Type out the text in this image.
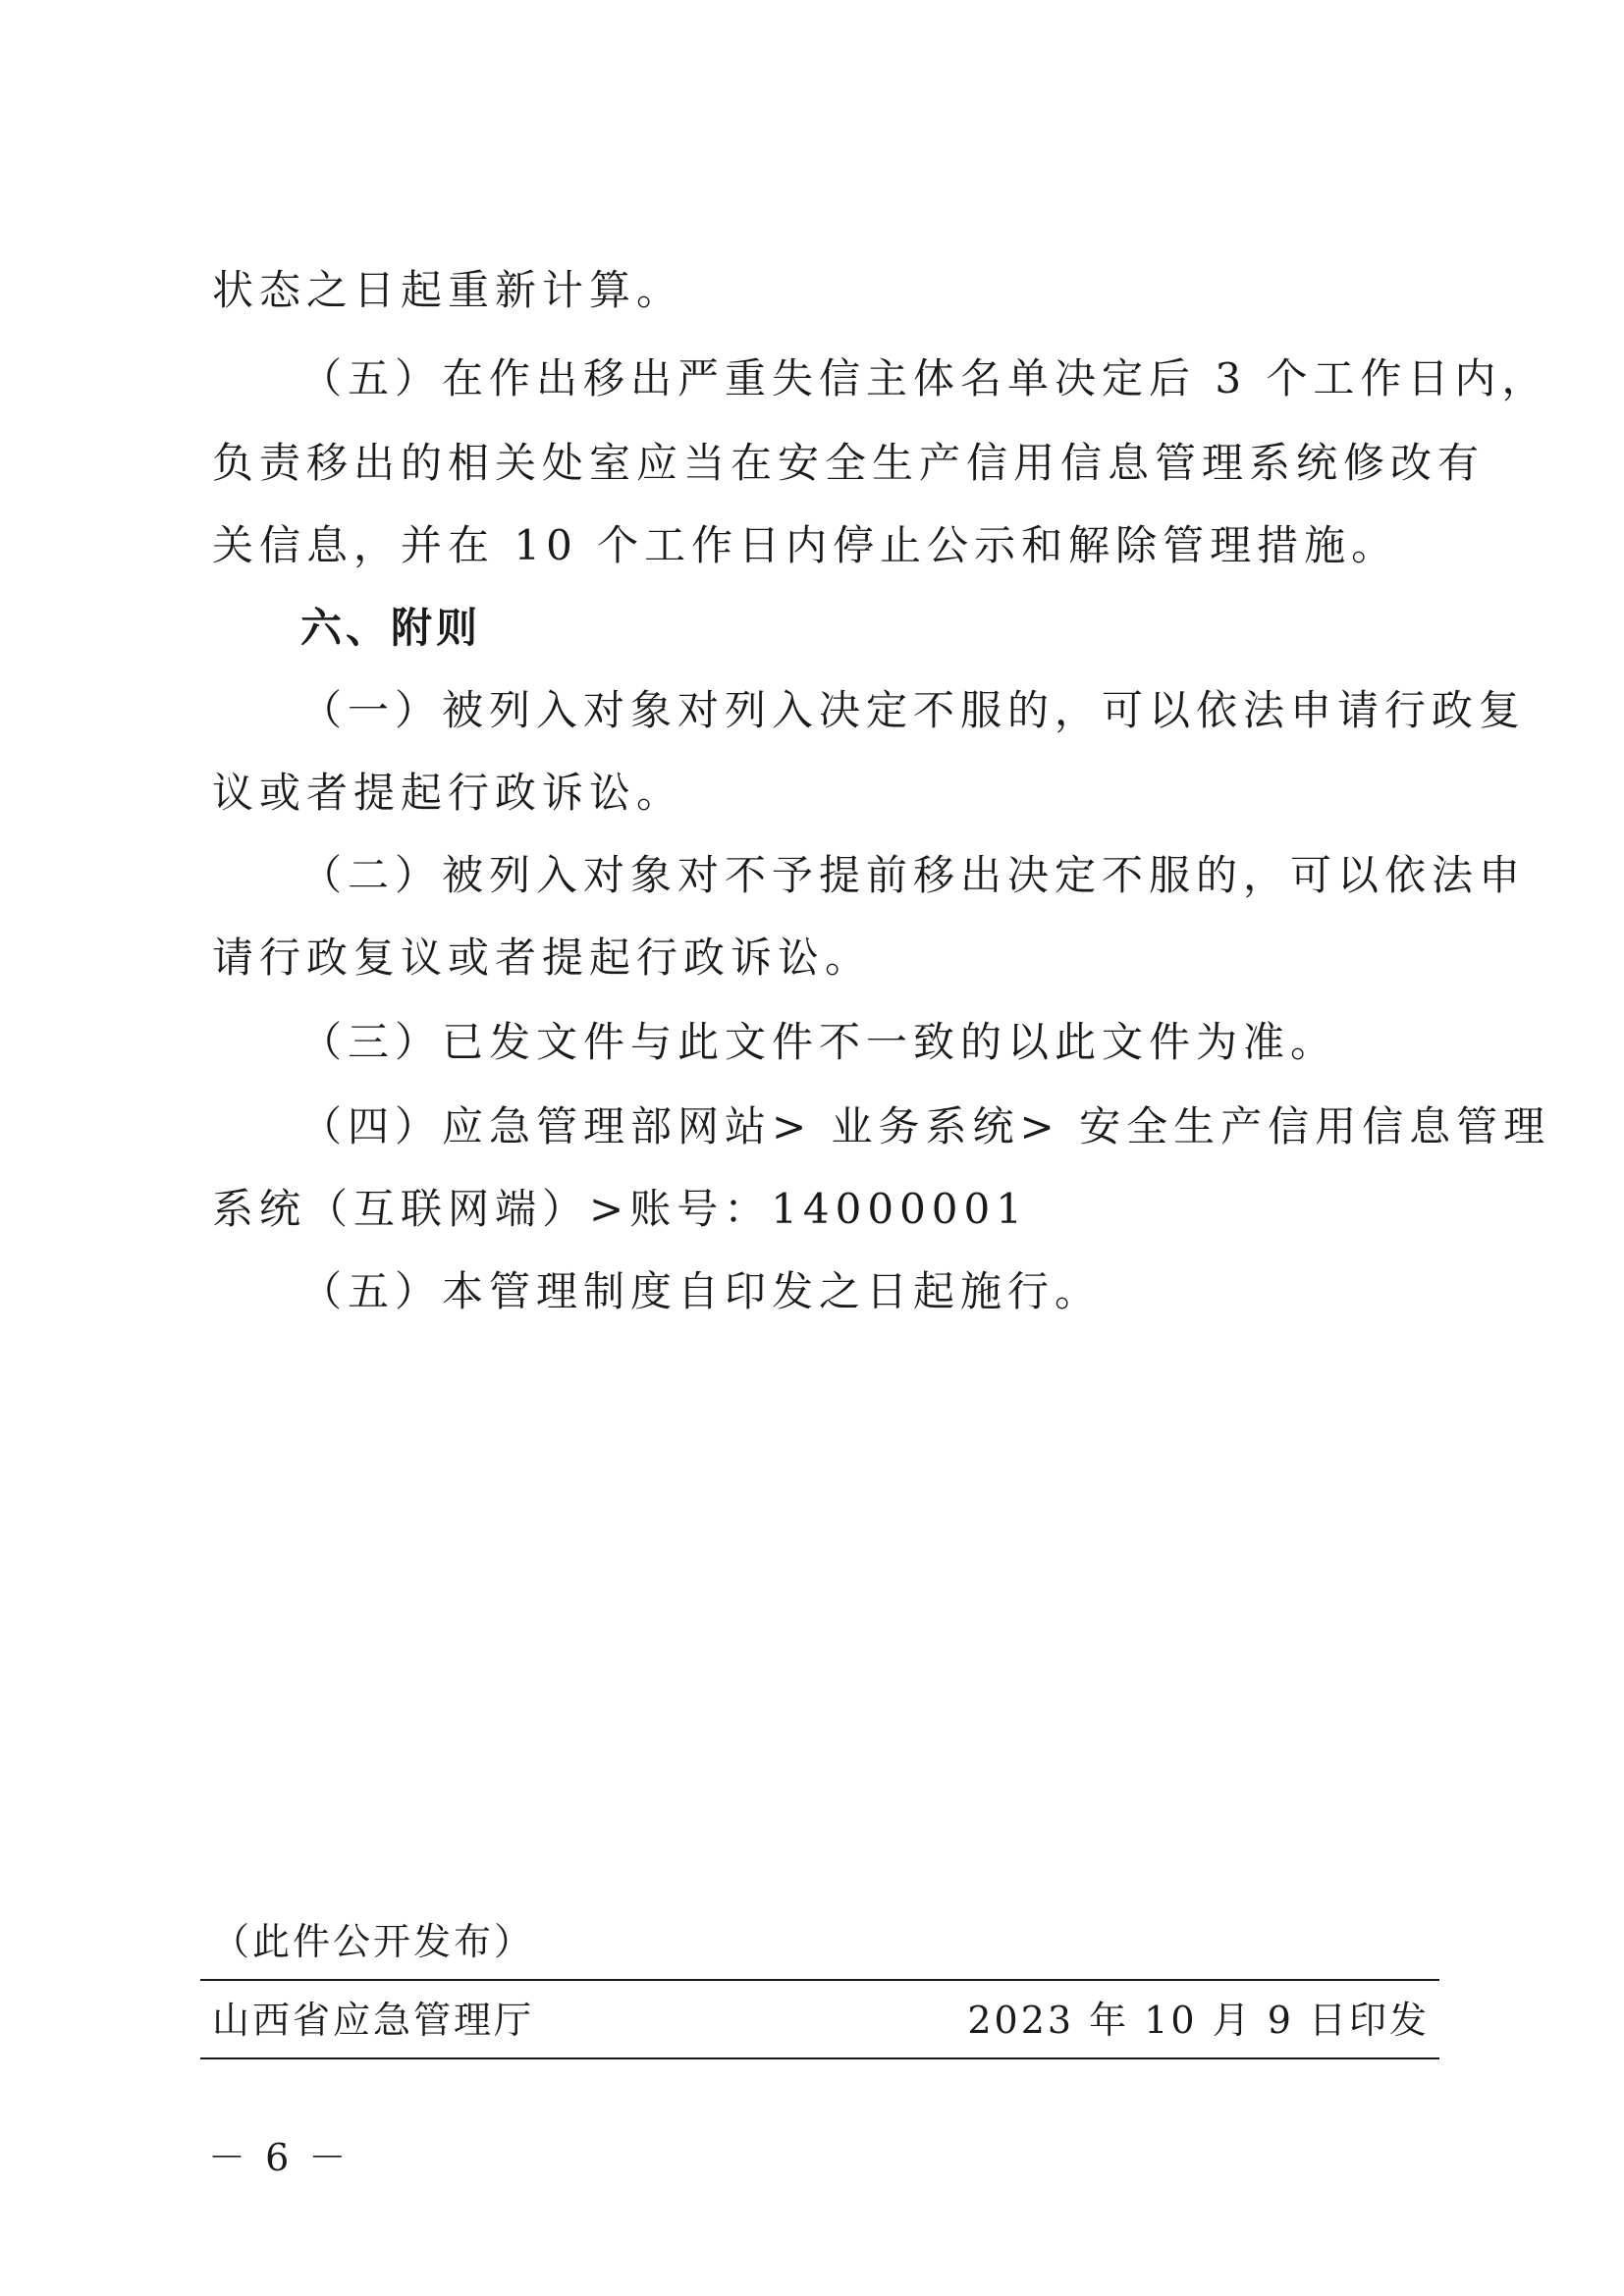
状态之日起重新计算。

（五）在作出移出严重失信主体名单决定后 3 个工作日内，

负责移出的相关处室应当在安全生产信用信息管理系统修改有

关信息，并在 10 个工作日内停止公示和解除管理措施。

六、附则

（一）被列入对象对列入决定不服的，可以依法申请行政复

议或者提起行政诉讼。

（二）被列入对象对不予提前移出决定不服的，可以依法申

请行政复议或者提起行政诉讼。

（三）已发文件与此文件不一致的以此文件为准。

（四）应急管理部网站> 业务系统> 安全生产信用信息管理

系统（互联网端）>账号：14000001

（五）本管理制度自印发之日起施行。

（此件公开发布）

山西省应急管理厅	2023 年 10 月 9 日印发
－ 6 －
